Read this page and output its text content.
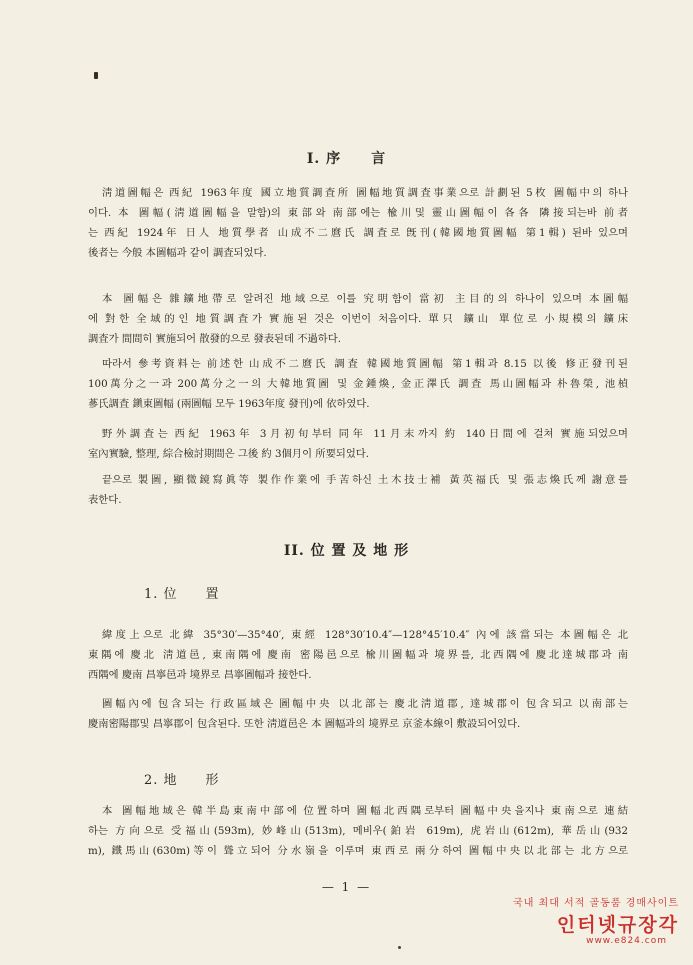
I. 序　　言
淸道圖幅은 西紀 1963年度 國立地質調査所 圖幅地質調査事業으로 計劃된 5枚 圖幅中의 하나
이다. 本 圖幅(淸道圖幅을 말함)의 東部와 南部에는 楡川및 靈山圖幅이 各各 隣接되는바 前者
는 西紀 1924年 日人 地質學者 山成不二麿氏 調査로 旣刊(韓國地質圖幅 第1輯) 된바 있으며
後者는 今般 本圖幅과 같이 調査되었다.
本 圖幅은 雜鑛地帶로 알려진 地域으로 이를 究明함이 當初 主目的의 하나이 있으며 本圖幅
에 對한 全域的인 地質調査가 實施된 것은 이번이 처음이다. 單只 鑛山 單位로 小規模의 鑛床
調査가 間間히 實施되어 散發的으로 發表된데 不過하다.
따라서 參考資料는 前述한 山成不二麿氏 調査 韓國地質圖幅 第1輯과 8.15 以後 修正發刊된
100萬分之一과 200萬分之一의 大韓地質圖 및 金鍾煥, 金正澤氏 調査 馬山圖幅과 朴魯榮, 池楨
蔘氏調査 鎭東圖幅 (兩圖幅 모두 1963年度 發刊)에 依하였다.
野外調査는 西紀 1963年 3月初旬부터 同年 11月末까지 約 140日間에 걸쳐 實施되었으며
室內實驗, 整理, 綜合檢討期間은 그後 約 3個月이 所要되었다.
끝으로 製圖, 顯微鏡寫眞等 製作作業에 手苦하신 土木技士補 黃英福氏 및 張志煥氏께 謝意를
表한다.
II. 位 置 及 地 形
1. 位　　置
緯度上으로 北緯 35°30′—35°40′, 東經 128°30′10.4″—128°45′10.4″ 內에 該當되는 本圖幅은 北
東隅에 慶北 淸道邑, 東南隅에 慶南 密陽邑으로 楡川圖幅과 境界를, 北西隅에 慶北達城郡과 南
西隅에 慶南 昌寧邑과 境界로 昌寧圖幅과 接한다.
圖幅內에 包含되는 行政區域은 圖幅中央 以北部는 慶北淸道郡, 達城郡이 包含되고 以南部는
慶南密陽郡및 昌寧郡이 包含된다. 또한 淸道邑은 本 圖幅과의 境界로 京釜本線이 敷設되어있다.
2. 地　　形
本 圖幅地域은 韓半島東南中部에 位置하며 圖幅北西隅로부터 圖幅中央을지나 東南으로 連結
하는 方向으로 受福山(593m), 妙峰山(513m), 메비우(鉑岩 619m), 虎岩山(612m), 華岳山(932
m), 鐵馬山(630m)等이 聳立되어 分水嶺을 이루며 東西로 兩分하여 圖幅中央以北部는 北方으로
— 1 —
국내 최대 서적 골동품 경매사이트
인터넷규장각
www.e824.com
